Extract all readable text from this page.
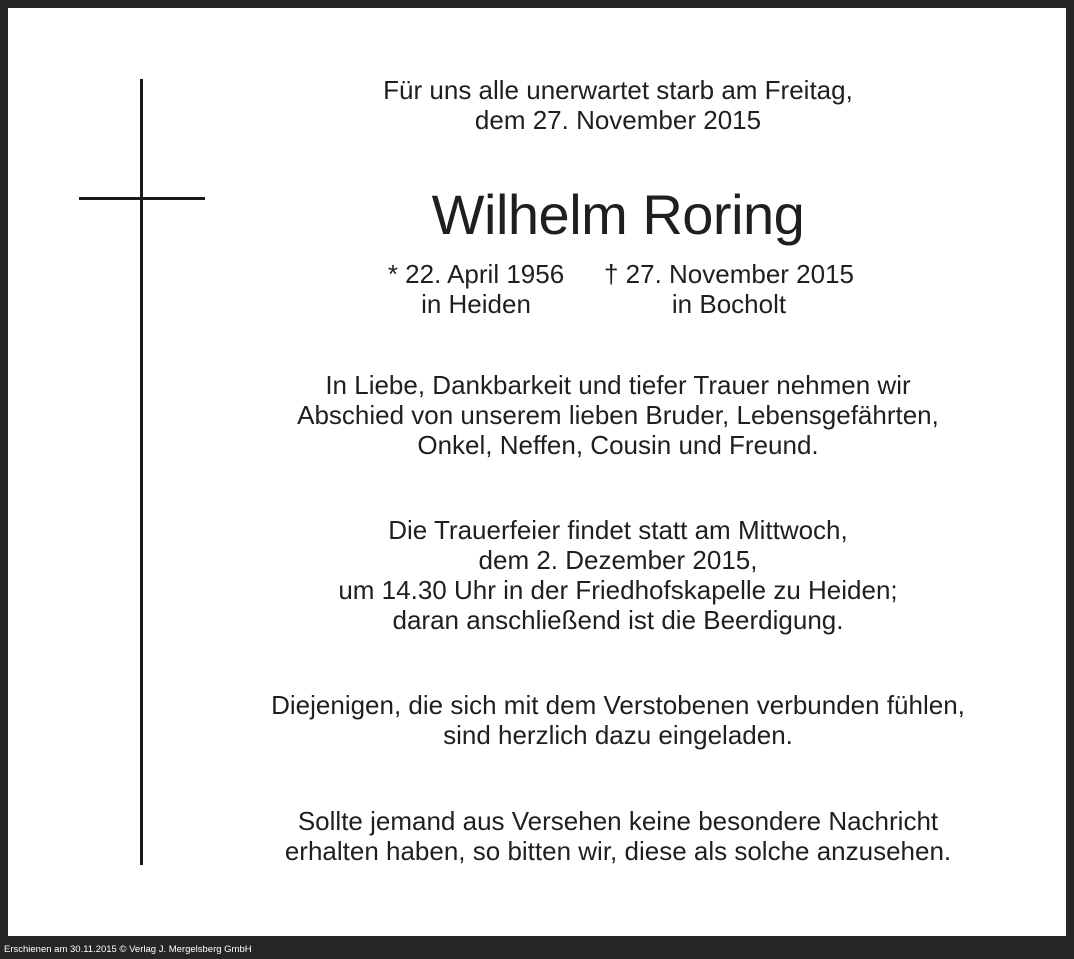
Für uns alle unerwartet starb am Freitag,
dem 27. November 2015
Wilhelm Roring
* 22. April 1956
in Heiden
† 27. November 2015
in Bocholt
In Liebe, Dankbarkeit und tiefer Trauer nehmen wir
Abschied von unserem lieben Bruder, Lebensgefährten,
Onkel, Neffen, Cousin und Freund.
Die Trauerfeier findet statt am Mittwoch,
dem 2. Dezember 2015,
um 14.30 Uhr in der Friedhofskapelle zu Heiden;
daran anschließend ist die Beerdigung.
Diejenigen, die sich mit dem Verstobenen verbunden fühlen,
sind herzlich dazu eingeladen.
Sollte jemand aus Versehen keine besondere Nachricht
erhalten haben, so bitten wir, diese als solche anzusehen.
Erschienen am 30.11.2015 © Verlag J. Mergelsberg GmbH
